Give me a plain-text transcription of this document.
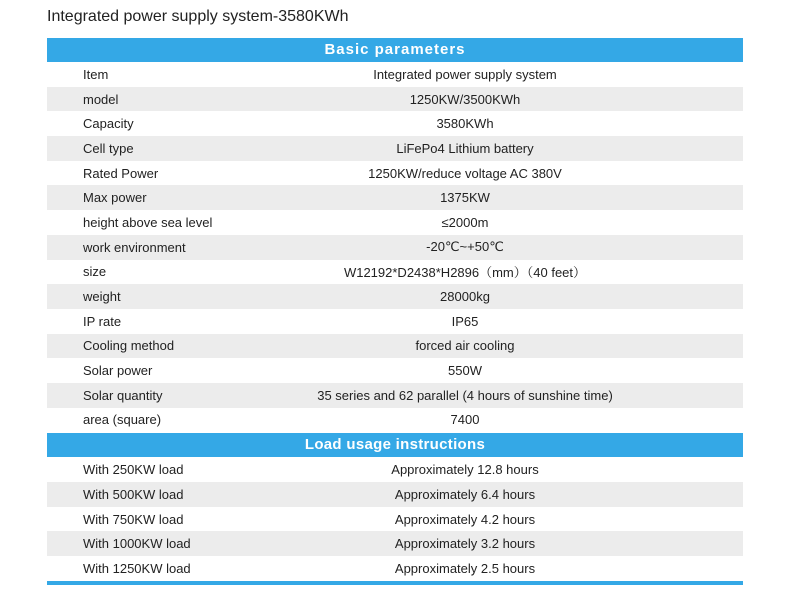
Integrated power supply system-3580KWh
Basic parameters
Item	Integrated power supply system
model	1250KW/3500KWh
Capacity	3580KWh
Cell type	LiFePo4 Lithium battery
Rated Power	1250KW/reduce voltage AC 380V
Max power	1375KW
height above sea level	≤2000m
work environment	-20℃~+50℃
size	W12192*D2438*H2896（mm）（40 feet）
weight	28000kg
IP rate	IP65
Cooling method	forced air cooling
Solar power	550W
Solar quantity	35 series and 62 parallel (4 hours of sunshine time)
area (square)	7400
Load usage instructions
With 250KW load	Approximately 12.8 hours
With 500KW load	Approximately 6.4 hours
With 750KW load	Approximately 4.2 hours
With 1000KW load	Approximately 3.2 hours
With 1250KW load	Approximately 2.5 hours
